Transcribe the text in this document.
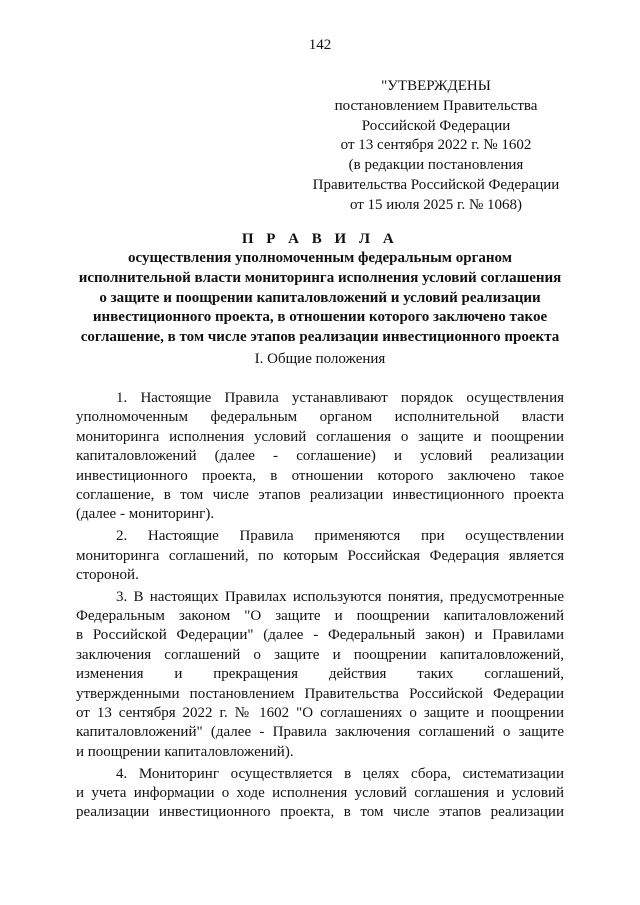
142
"УТВЕРЖДЕНЫ
постановлением Правительства
Российской Федерации
от 13 сентября 2022 г. № 1602
(в редакции постановления
Правительства Российской Федерации
от 15 июля 2025 г. № 1068)
П Р А В И Л А
осуществления уполномоченным федеральным органом
исполнительной власти мониторинга исполнения условий соглашения
о защите и поощрении капиталовложений и условий реализации
инвестиционного проекта, в отношении которого заключено такое
соглашение, в том числе этапов реализации инвестиционного проекта
I. Общие положения
1. Настоящие Правила устанавливают порядок осуществления
уполномоченным федеральным органом исполнительной власти
мониторинга исполнения условий соглашения о защите и поощрении
капиталовложений (далее - соглашение) и условий реализации
инвестиционного проекта, в отношении которого заключено такое
соглашение, в том числе этапов реализации инвестиционного проекта
(далее - мониторинг).
2. Настоящие Правила применяются при осуществлении
мониторинга соглашений, по которым Российская Федерация является
стороной.
3. В настоящих Правилах используются понятия, предусмотренные
Федеральным законом "О защите и поощрении капиталовложений
в Российской Федерации" (далее - Федеральный закон) и Правилами
заключения соглашений о защите и поощрении капиталовложений,
изменения и прекращения действия таких соглашений,
утвержденными постановлением Правительства Российской Федерации
от 13 сентября 2022 г. № 1602 "О соглашениях о защите и поощрении
капиталовложений" (далее - Правила заключения соглашений о защите
и поощрении капиталовложений).
4. Мониторинг осуществляется в целях сбора, систематизации
и учета информации о ходе исполнения условий соглашения и условий
реализации инвестиционного проекта, в том числе этапов реализации
